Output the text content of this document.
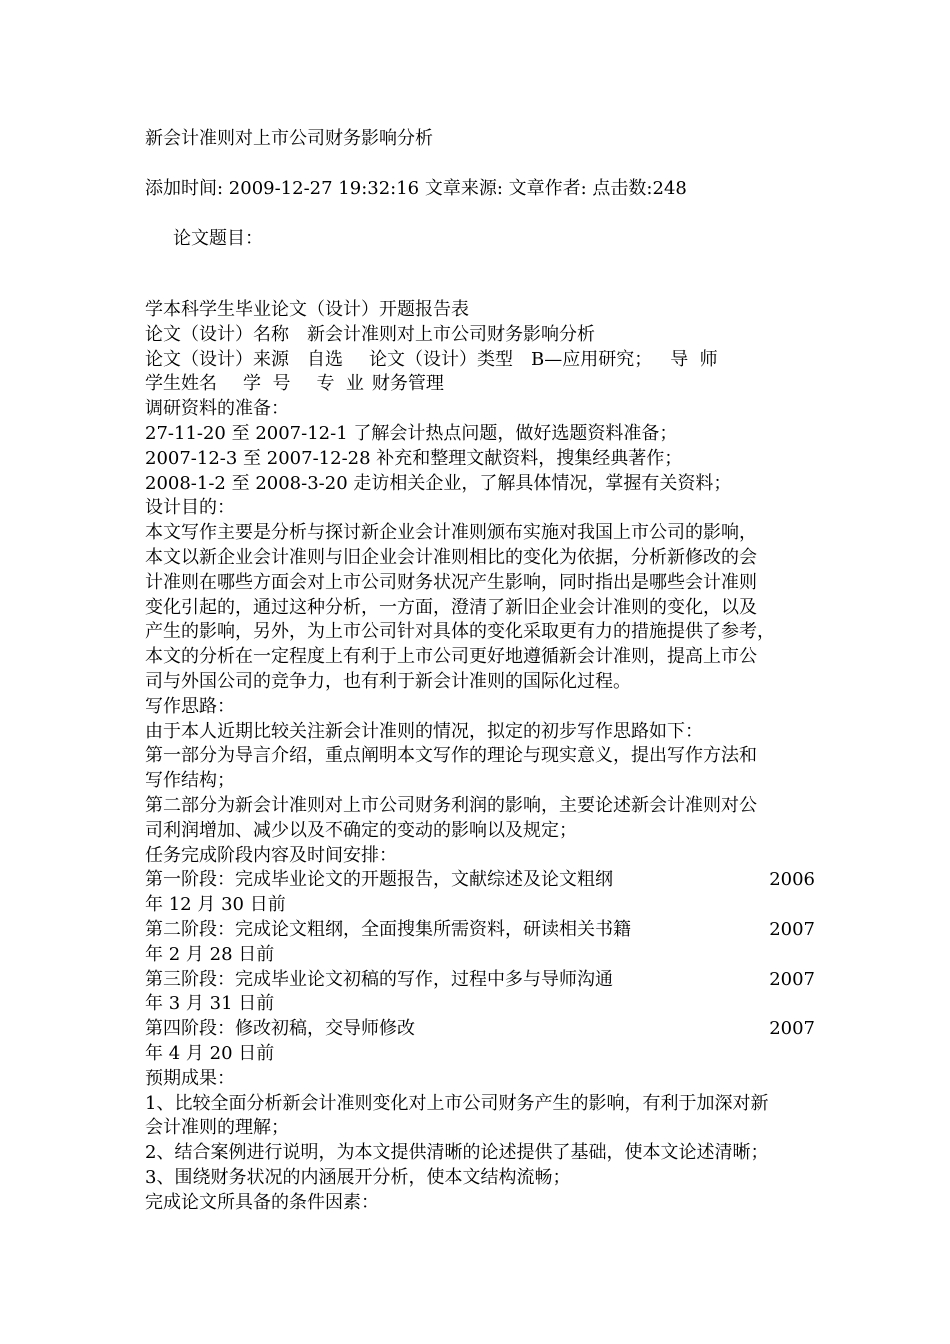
新会计准则对上市公司财务影响分析
添加时间: 2009-12-27 19:32:16 文章来源: 文章作者: 点击数:248
论文题目：
学本科学生毕业论文（设计）开题报告表
论文（设计）名称 新会计准则对上市公司财务影响分析
论文（设计）来源 自选 论文（设计）类型 B—应用研究； 导  师
学生姓名 学  号 专  业 财务管理
调研资料的准备：
27-11-20 至 2007-12-1 了解会计热点问题，做好选题资料准备；
2007-12-3 至 2007-12-28 补充和整理文献资料，搜集经典著作；
2008-1-2 至 2008-3-20 走访相关企业，了解具体情况，掌握有关资料；
设计目的：
本文写作主要是分析与探讨新企业会计准则颁布实施对我国上市公司的影响，
本文以新企业会计准则与旧企业会计准则相比的变化为依据，分析新修改的会
计准则在哪些方面会对上市公司财务状况产生影响，同时指出是哪些会计准则
变化引起的，通过这种分析，一方面，澄清了新旧企业会计准则的变化，以及
产生的影响，另外，为上市公司针对具体的变化采取更有力的措施提供了参考，
本文的分析在一定程度上有利于上市公司更好地遵循新会计准则，提高上市公
司与外国公司的竞争力，也有利于新会计准则的国际化过程。
写作思路：
由于本人近期比较关注新会计准则的情况，拟定的初步写作思路如下：
第一部分为导言介绍，重点阐明本文写作的理论与现实意义，提出写作方法和
写作结构；
第二部分为新会计准则对上市公司财务利润的影响，主要论述新会计准则对公
司利润增加、减少以及不确定的变动的影响以及规定；
任务完成阶段内容及时间安排：
第一阶段：完成毕业论文的开题报告，文献综述及论文粗纲	2006
年 12 月 30 日前
第二阶段：完成论文粗纲，全面搜集所需资料，研读相关书籍	2007
年 2 月 28 日前
第三阶段：完成毕业论文初稿的写作，过程中多与导师沟通	2007
年 3 月 31 日前
第四阶段：修改初稿，交导师修改	2007
年 4 月 20 日前
预期成果：
1、比较全面分析新会计准则变化对上市公司财务产生的影响，有利于加深对新
会计准则的理解；
2、结合案例进行说明，为本文提供清晰的论述提供了基础，使本文论述清晰；
3、围绕财务状况的内涵展开分析，使本文结构流畅；
完成论文所具备的条件因素：
